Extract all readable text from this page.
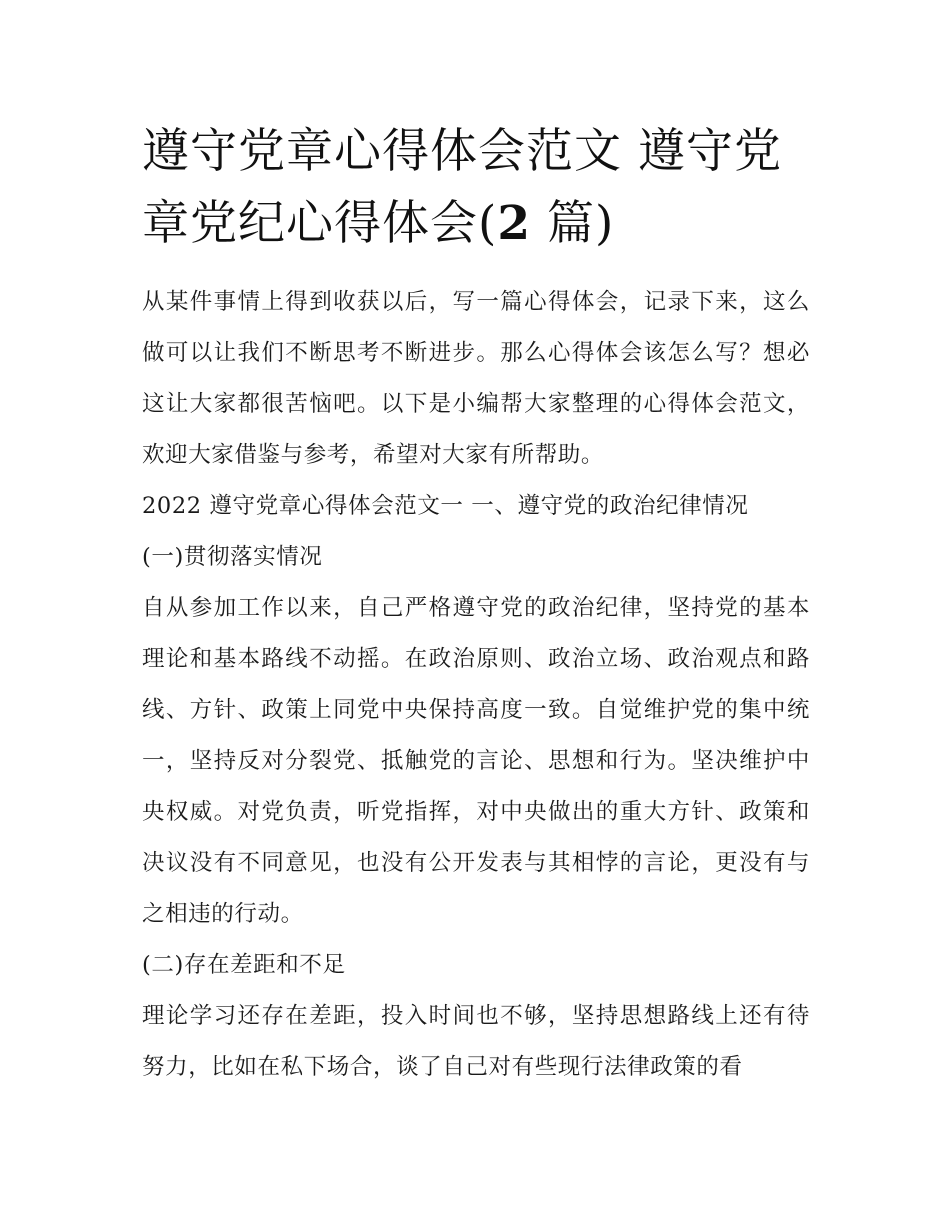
遵守党章心得体会范文 遵守党章党纪心得体会(2 篇)

从某件事情上得到收获以后，写一篇心得体会，记录下来，这么做可以让我们不断思考不断进步。那么心得体会该怎么写？想必这让大家都很苦恼吧。以下是小编帮大家整理的心得体会范文，欢迎大家借鉴与参考，希望对大家有所帮助。

2022 遵守党章心得体会范文一 一、遵守党的政治纪律情况

(一)贯彻落实情况

自从参加工作以来，自己严格遵守党的政治纪律，坚持党的基本理论和基本路线不动摇。在政治原则、政治立场、政治观点和路线、方针、政策上同党中央保持高度一致。自觉维护党的集中统一，坚持反对分裂党、抵触党的言论、思想和行为。坚决维护中央权威。对党负责，听党指挥，对中央做出的重大方针、政策和决议没有不同意见，也没有公开发表与其相悖的言论，更没有与之相违的行动。

(二)存在差距和不足

理论学习还存在差距，投入时间也不够，坚持思想路线上还有待努力，比如在私下场合，谈了自己对有些现行法律政策的看
